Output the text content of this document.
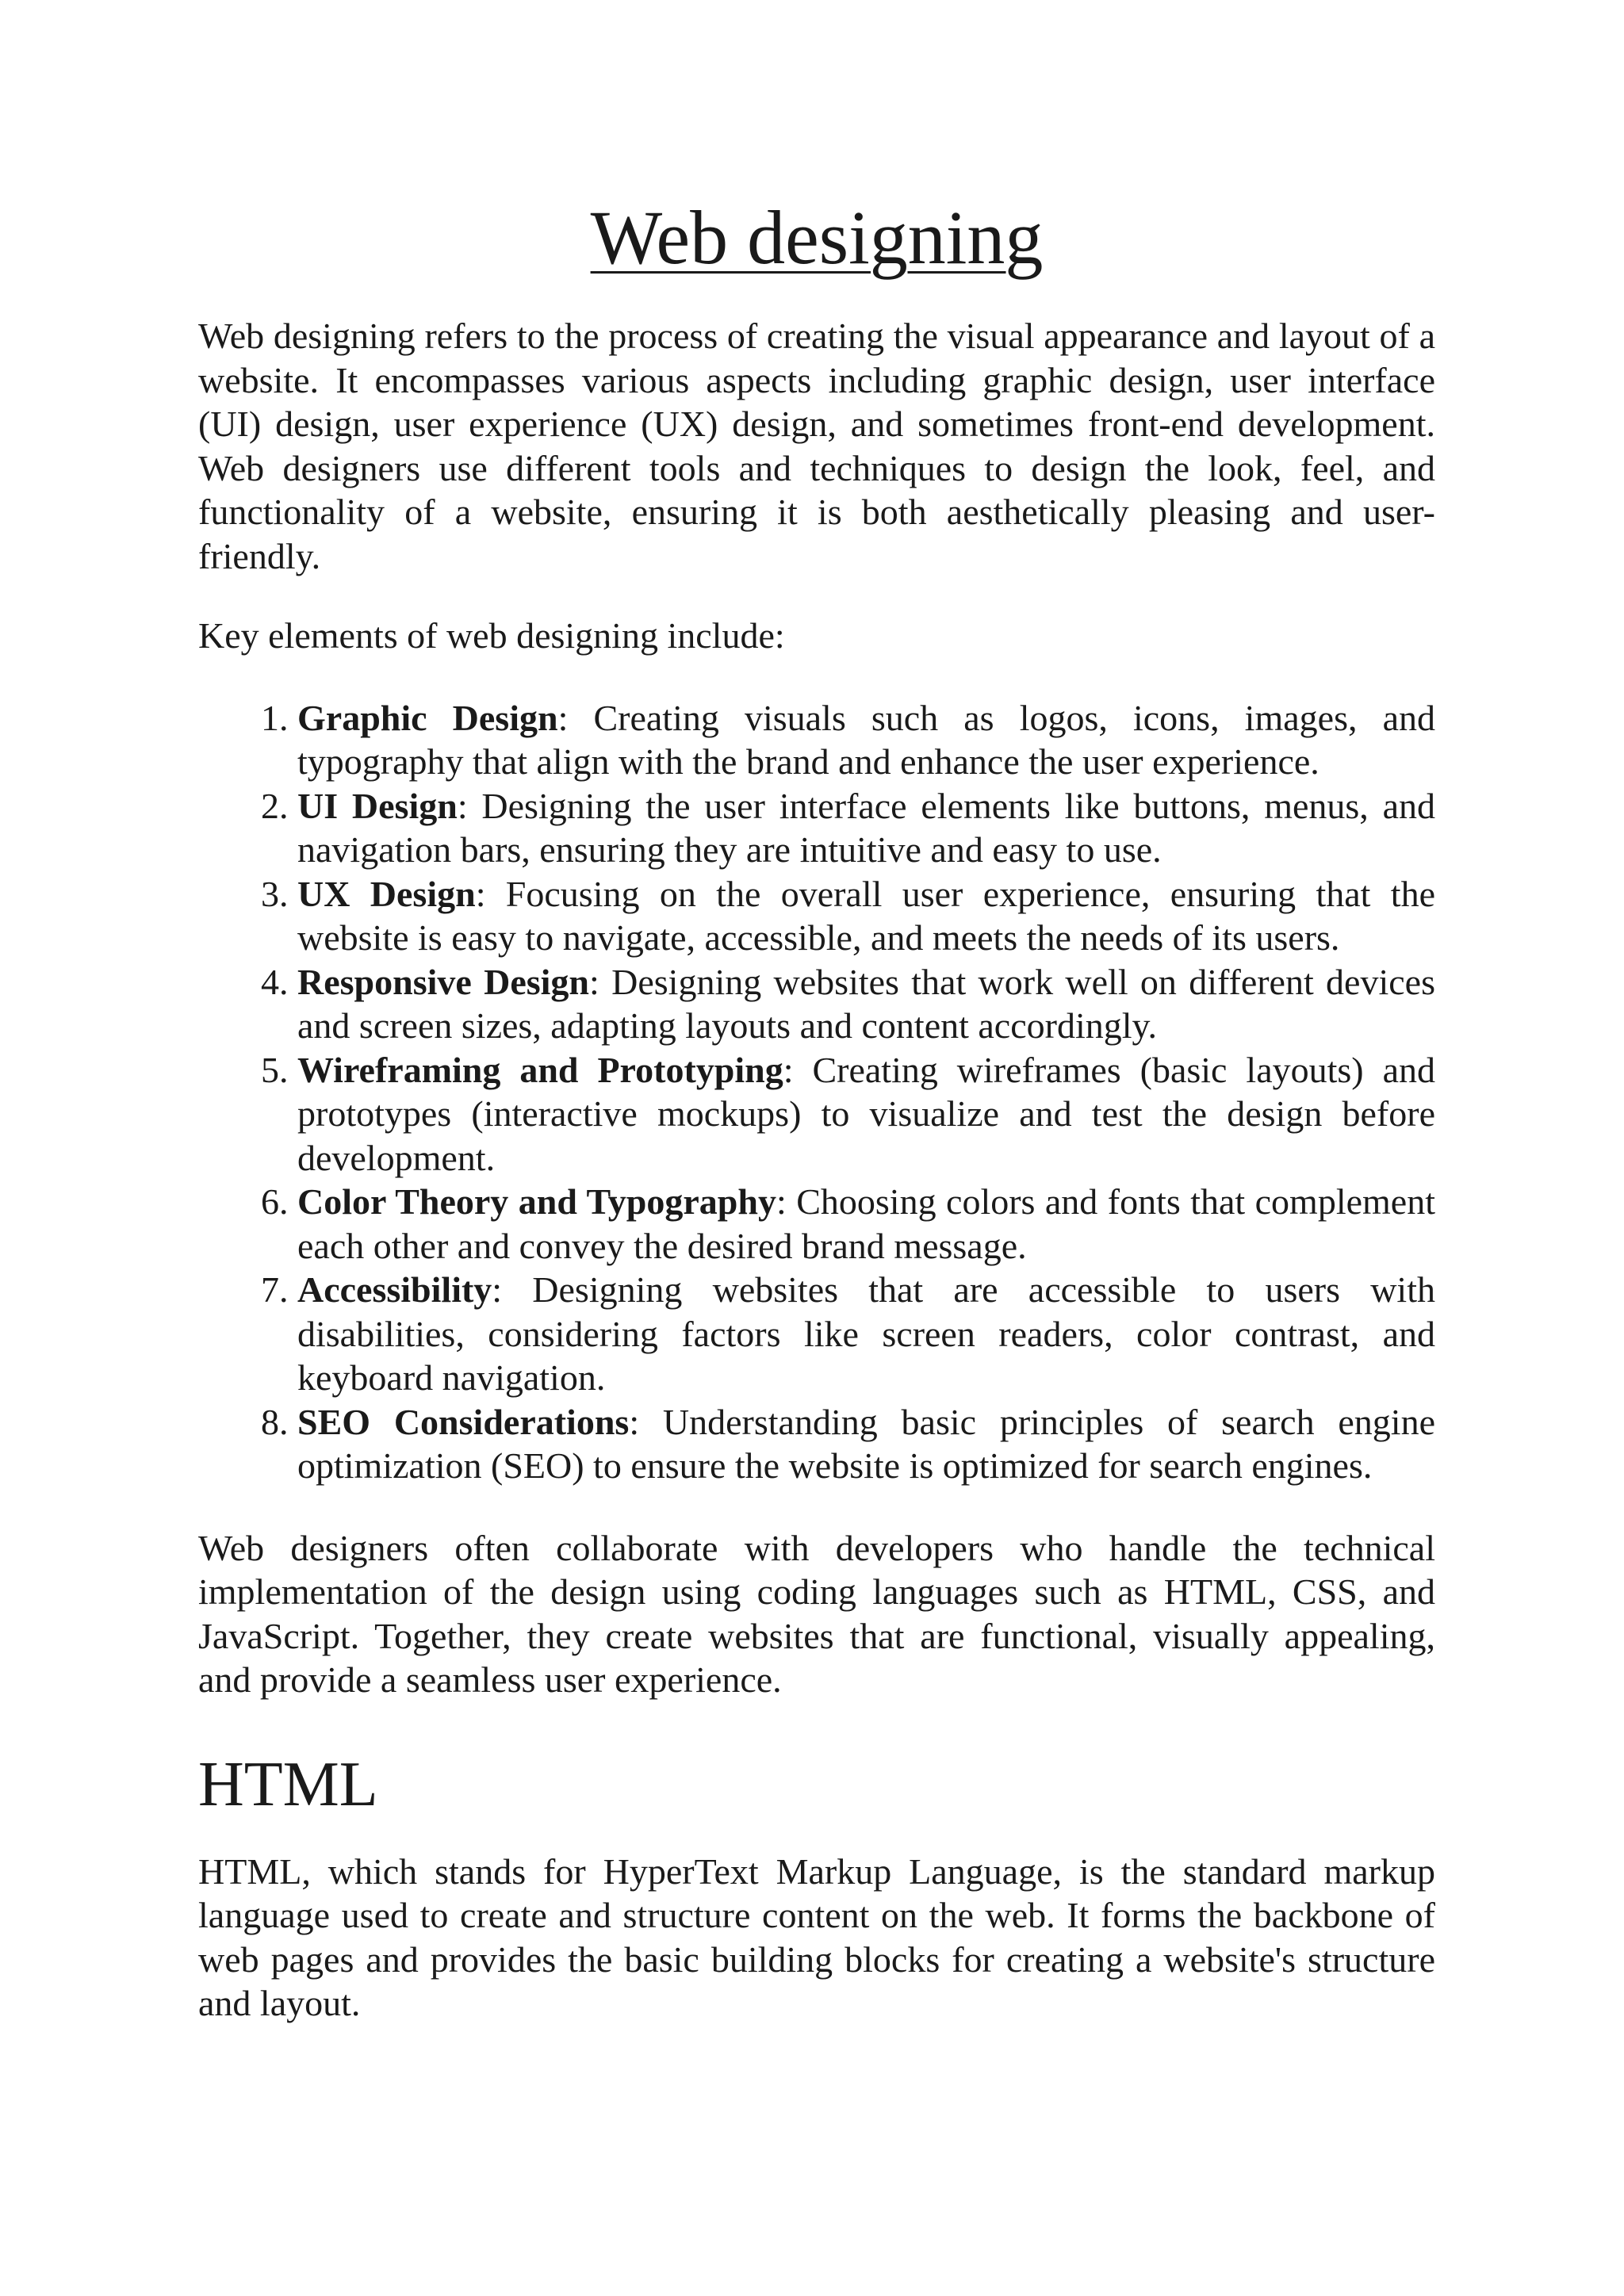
Web designing

Web designing refers to the process of creating the visual appearance and layout of a website. It encompasses various aspects including graphic design, user interface (UI) design, user experience (UX) design, and sometimes front-end development. Web designers use different tools and techniques to design the look, feel, and functionality of a website, ensuring it is both aesthetically pleasing and user-friendly.

Key elements of web designing include:

1. Graphic Design: Creating visuals such as logos, icons, images, and typography that align with the brand and enhance the user experience.
2. UI Design: Designing the user interface elements like buttons, menus, and navigation bars, ensuring they are intuitive and easy to use.
3. UX Design: Focusing on the overall user experience, ensuring that the website is easy to navigate, accessible, and meets the needs of its users.
4. Responsive Design: Designing websites that work well on different devices and screen sizes, adapting layouts and content accordingly.
5. Wireframing and Prototyping: Creating wireframes (basic layouts) and prototypes (interactive mockups) to visualize and test the design before development.
6. Color Theory and Typography: Choosing colors and fonts that complement each other and convey the desired brand message.
7. Accessibility: Designing websites that are accessible to users with disabilities, considering factors like screen readers, color contrast, and keyboard navigation.
8. SEO Considerations: Understanding basic principles of search engine optimization (SEO) to ensure the website is optimized for search engines.

Web designers often collaborate with developers who handle the technical implementation of the design using coding languages such as HTML, CSS, and JavaScript. Together, they create websites that are functional, visually appealing, and provide a seamless user experience.

HTML

HTML, which stands for HyperText Markup Language, is the standard markup language used to create and structure content on the web. It forms the backbone of web pages and provides the basic building blocks for creating a website's structure and layout.
